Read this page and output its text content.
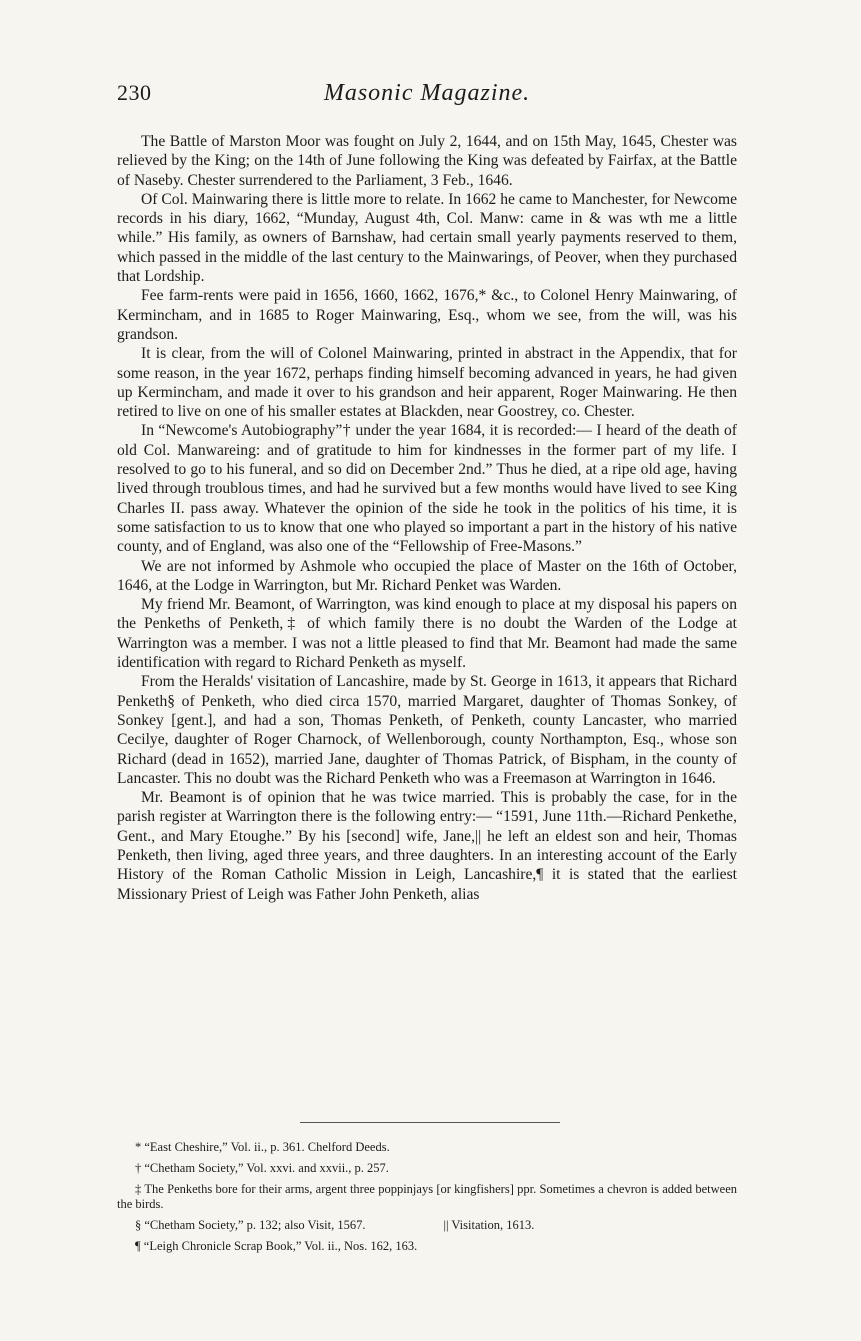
230	Masonic Magazine.

The Battle of Marston Moor was fought on July 2, 1644, and on 15th May, 1645, Chester was relieved by the King; on the 14th of June following the King was defeated by Fairfax, at the Battle of Naseby. Chester surrendered to the Parliament, 3 Feb., 1646.

Of Col. Mainwaring there is little more to relate. In 1662 he came to Manchester, for Newcome records in his diary, 1662, “Munday, August 4th, Col. Manw: came in & was wth me a little while.” His family, as owners of Barnshaw, had certain small yearly payments reserved to them, which passed in the middle of the last century to the Mainwarings, of Peover, when they purchased that Lordship.

Fee farm-rents were paid in 1656, 1660, 1662, 1676,* &c., to Colonel Henry Mainwaring, of Kermincham, and in 1685 to Roger Mainwaring, Esq., whom we see, from the will, was his grandson.

It is clear, from the will of Colonel Mainwaring, printed in abstract in the Appendix, that for some reason, in the year 1672, perhaps finding himself becoming advanced in years, he had given up Kermincham, and made it over to his grandson and heir apparent, Roger Mainwaring. He then retired to live on one of his smaller estates at Blackden, near Goostrey, co. Chester.

In “Newcome's Autobiography”† under the year 1684, it is recorded:— I heard of the death of old Col. Manwareing: and of gratitude to him for kindnesses in the former part of my life. I resolved to go to his funeral, and so did on December 2nd.” Thus he died, at a ripe old age, having lived through troublous times, and had he survived but a few months would have lived to see King Charles II. pass away. Whatever the opinion of the side he took in the politics of his time, it is some satisfaction to us to know that one who played so important a part in the history of his native county, and of England, was also one of the “Fellowship of Free-Masons.”

We are not informed by Ashmole who occupied the place of Master on the 16th of October, 1646, at the Lodge in Warrington, but Mr. Richard Penket was Warden.

My friend Mr. Beamont, of Warrington, was kind enough to place at my disposal his papers on the Penkeths of Penketh,‡ of which family there is no doubt the Warden of the Lodge at Warrington was a member. I was not a little pleased to find that Mr. Beamont had made the same identification with regard to Richard Penketh as myself.

From the Heralds' visitation of Lancashire, made by St. George in 1613, it appears that Richard Penketh§ of Penketh, who died circa 1570, married Margaret, daughter of Thomas Sonkey, of Sonkey [gent.], and had a son, Thomas Penketh, of Penketh, county Lancaster, who married Cecilye, daughter of Roger Charnock, of Wellenborough, county Northampton, Esq., whose son Richard (dead in 1652), married Jane, daughter of Thomas Patrick, of Bispham, in the county of Lancaster. This no doubt was the Richard Penketh who was a Freemason at Warrington in 1646.

Mr. Beamont is of opinion that he was twice married. This is probably the case, for in the parish register at Warrington there is the following entry:— “1591, June 11th.—Richard Penkethe, Gent., and Mary Etoughe.” By his [second] wife, Jane,|| he left an eldest son and heir, Thomas Penketh, then living, aged three years, and three daughters. In an interesting account of the Early History of the Roman Catholic Mission in Leigh, Lancashire,¶ it is stated that the earliest Missionary Priest of Leigh was Father John Penketh, alias

* “East Cheshire,” Vol. ii., p. 361. Chelford Deeds.

† “Chetham Society,” Vol. xxvi. and xxvii., p. 257.

‡ The Penkeths bore for their arms, argent three poppinjays [or kingfishers] ppr. Sometimes a chevron is added between the birds.

§ “Chetham Society,” p. 132; also Visit, 1567.	|| Visitation, 1613.

¶ “Leigh Chronicle Scrap Book,” Vol. ii., Nos. 162, 163.
